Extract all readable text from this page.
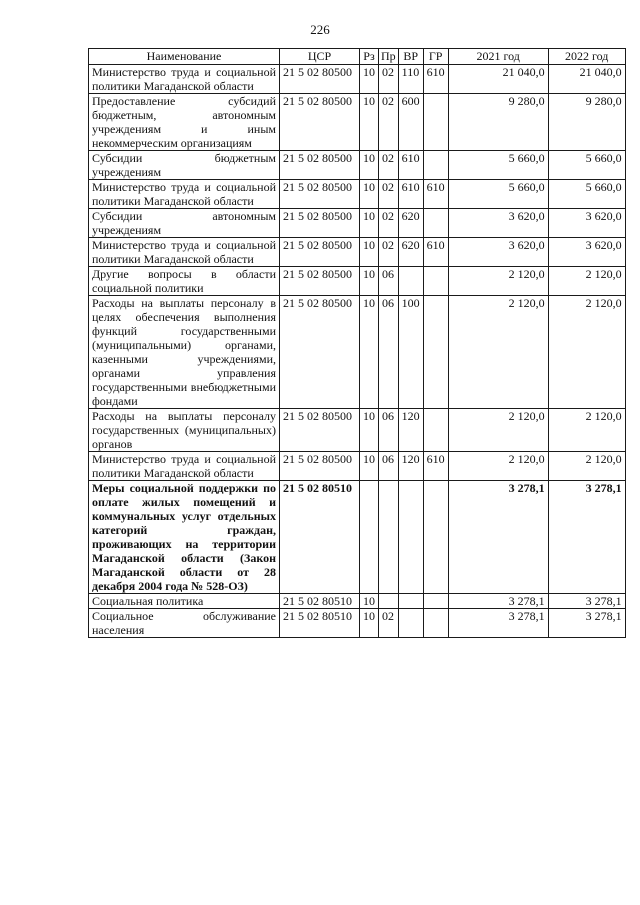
226
Наименование	ЦСР	Рз	Пр	ВР	ГР	2021 год	2022 год
Министерство труда и социальной политики Магаданской области	21 5 02 80500	10	02	110	610	21 040,0	21 040,0
Предоставление субсидий бюджетным, автономным учреждениям и иным некоммерческим организациям	21 5 02 80500	10	02	600		9 280,0	9 280,0
Субсидии бюджетным учреждениям	21 5 02 80500	10	02	610		5 660,0	5 660,0
Министерство труда и социальной политики Магаданской области	21 5 02 80500	10	02	610	610	5 660,0	5 660,0
Субсидии автономным учреждениям	21 5 02 80500	10	02	620		3 620,0	3 620,0
Министерство труда и социальной политики Магаданской области	21 5 02 80500	10	02	620	610	3 620,0	3 620,0
Другие вопросы в области социальной политики	21 5 02 80500	10	06			2 120,0	2 120,0
Расходы на выплаты персоналу в целях обеспечения выполнения функций государственными (муниципальными) органами, казенными учреждениями, органами управления государственными внебюджетными фондами	21 5 02 80500	10	06	100		2 120,0	2 120,0
Расходы на выплаты персоналу государственных (муниципальных) органов	21 5 02 80500	10	06	120		2 120,0	2 120,0
Министерство труда и социальной политики Магаданской области	21 5 02 80500	10	06	120	610	2 120,0	2 120,0
Меры социальной поддержки по оплате жилых помещений и коммунальных услуг отдельных категорий граждан, проживающих на территории Магаданской области (Закон Магаданской области от 28 декабря 2004 года № 528-ОЗ)	21 5 02 80510					3 278,1	3 278,1
Социальная политика	21 5 02 80510	10				3 278,1	3 278,1
Социальное обслуживание населения	21 5 02 80510	10	02			3 278,1	3 278,1
